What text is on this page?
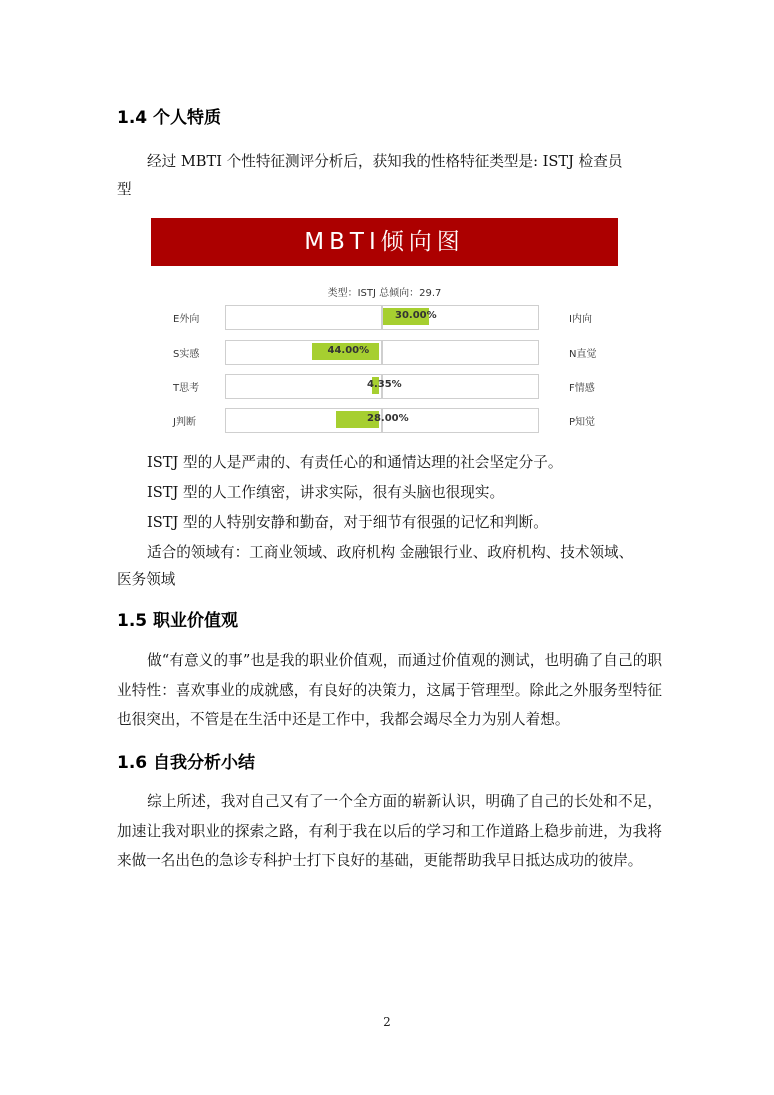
1.4 个人特质

经过 MBTI 个性特征测评分析后，获知我的性格特征类型是: ISTJ 检查员

型

MBTI倾向图
类型：ISTJ 总倾向：29.7
E外向	30.00%	I内向
S实感	44.00%	N直觉
T思考	4.35%	F情感
J判断	28.00%	P知觉

ISTJ 型的人是严肃的、有责任心的和通情达理的社会坚定分子。

ISTJ 型的人工作缜密，讲求实际，很有头脑也很现实。

ISTJ 型的人特别安静和勤奋，对于细节有很强的记忆和判断。

适合的领域有：工商业领域、政府机构 金融银行业、政府机构、技术领域、

医务领域

1.5 职业价值观

做“有意义的事”也是我的职业价值观，而通过价值观的测试，也明确了自己的职业特性：喜欢事业的成就感，有良好的决策力，这属于管理型。除此之外服务型特征也很突出，不管是在生活中还是工作中，我都会竭尽全力为别人着想。

1.6 自我分析小结

综上所述，我对自己又有了一个全方面的崭新认识，明确了自己的长处和不足，加速让我对职业的探索之路，有利于我在以后的学习和工作道路上稳步前进，为我将来做一名出色的急诊专科护士打下良好的基础，更能帮助我早日抵达成功的彼岸。

2
